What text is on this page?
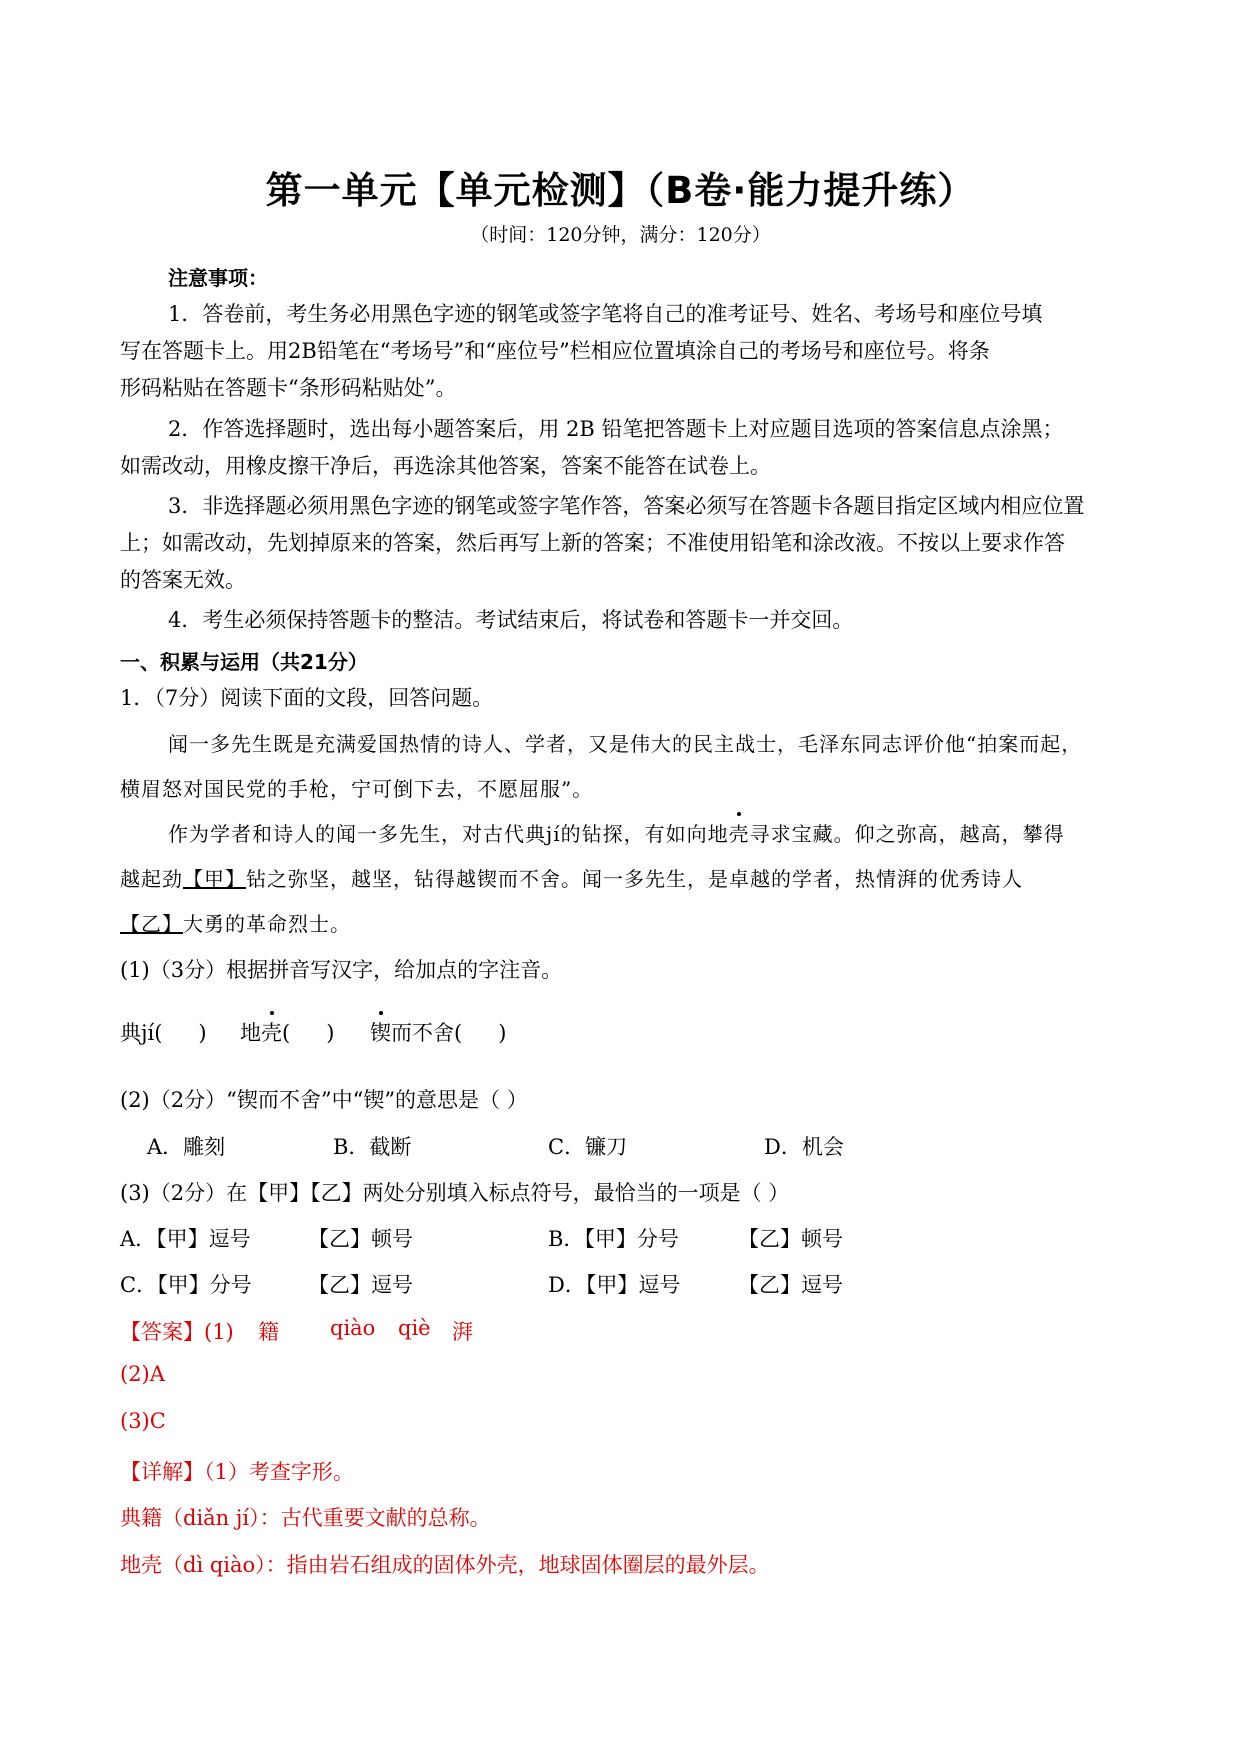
第一单元【单元检测】（B卷·能力提升练）
（时间：120分钟，满分：120分）
注意事项：
1．答卷前，考生务必用黑色字迹的钢笔或签字笔将自己的准考证号、姓名、考场号和座位号填
写在答题卡上。用2B铅笔在“考场号”和“座位号”栏相应位置填涂自己的考场号和座位号。将条
形码粘贴在答题卡“条形码粘贴处”。
2．作答选择题时，选出每小题答案后，用 2B 铅笔把答题卡上对应题目选项的答案信息点涂黑；
如需改动，用橡皮擦干净后，再选涂其他答案，答案不能答在试卷上。
3．非选择题必须用黑色字迹的钢笔或签字笔作答，答案必须写在答题卡各题目指定区域内相应位置
上；如需改动，先划掉原来的答案，然后再写上新的答案；不准使用铅笔和涂改液。不按以上要求作答
的答案无效。
4．考生必须保持答题卡的整洁。考试结束后，将试卷和答题卡一并交回。
一、积累与运用（共21分）
1．（7分）阅读下面的文段，回答问题。
闻一多先生既是充满爱国热情的诗人、学者，又是伟大的民主战士，毛泽东同志评价他“拍案而起，
横眉怒对国民党的手枪，宁可倒下去，不愿屈服”。
作为学者和诗人的闻一多先生，对古代典jí的钻探，有如向地壳寻求宝藏。仰之弥高，越高，攀得
越起劲【甲】钻之弥坚，越坚，钻得越锲而不舍。闻一多先生，是卓越的学者，热情湃的优秀诗人
【乙】大勇的革命烈士。
(1)（3分）根据拼音写汉字，给加点的字注音。
典jí( ) 地壳( ) 锲而不舍( )
(2)（2分）“锲而不舍”中“锲”的意思是（ ）
A．雕刻	B．截断	C．镰刀	D．机会
(3)（2分）在【甲】【乙】两处分别填入标点符号，最恰当的一项是（ ）
A．【甲】逗号	【乙】顿号	B．【甲】分号	【乙】顿号
C．【甲】分号	【乙】逗号	D．【甲】逗号	【乙】逗号
【答案】(1) 籍 qiào qiè 湃
(2)A
(3)C
【详解】（1）考查字形。
典籍（diǎn jí）：古代重要文献的总称。
地壳（dì qiào）：指由岩石组成的固体外壳，地球固体圈层的最外层。
